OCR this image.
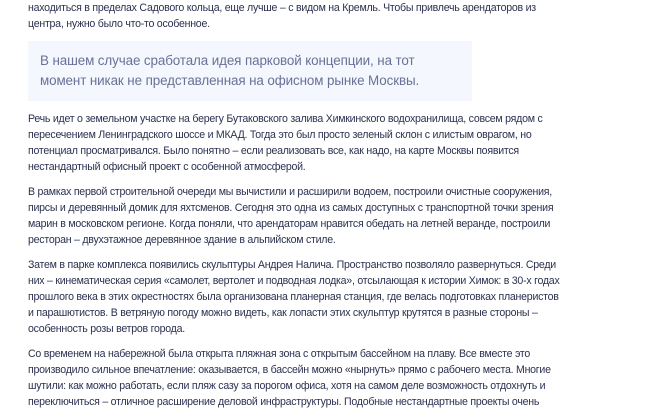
находиться в пределах Садового кольца, еще лучше – с видом на Кремль. Чтобы привлечь арендаторов из
центра, нужно было что-то особенное.

В нашем случае сработала идея парковой концепции, на тот
момент никак не представленная на офисном рынке Москвы.

Речь идет о земельном участке на берегу Бутаковского залива Химкинского водохранилища, совсем рядом с
пересечением Ленинградского шоссе и МКАД. Тогда это был просто зеленый склон с илистым оврагом, но
потенциал просматривался. Было понятно – если реализовать все, как надо, на карте Москвы появится
нестандартный офисный проект с особенной атмосферой.

В рамках первой строительной очереди мы вычистили и расширили водоем, построили очистные сооружения,
пирсы и деревянный домик для яхтсменов. Сегодня это одна из самых доступных с транспортной точки зрения
марин в московском регионе. Когда поняли, что арендаторам нравится обедать на летней веранде, построили
ресторан – двухэтажное деревянное здание в альпийском стиле.

Затем в парке комплекса появились скульптуры Андрея Налича. Пространство позволяло развернуться. Среди
них – кинематическая серия «самолет, вертолет и подводная лодка», отсылающая к истории Химок: в 30-х годах
прошлого века в этих окрестностях была организована планерная станция, где велась подготовках планеристов
и парашютистов. В ветряную погоду можно видеть, как лопасти этих скульптур крутятся в разные стороны –
особенность розы ветров города.

Со временем на набережной была открыта пляжная зона с открытым бассейном на плаву. Все вместе это
производило сильное впечатление: оказывается, в бассейн можно «нырнуть» прямо с рабочего места. Многие
шутили: как можно работать, если пляж сазу за порогом офиса, хотя на самом деле возможность отдохнуть и
переключиться – отличное расширение деловой инфраструктуры. Подобные нестандартные проекты очень
